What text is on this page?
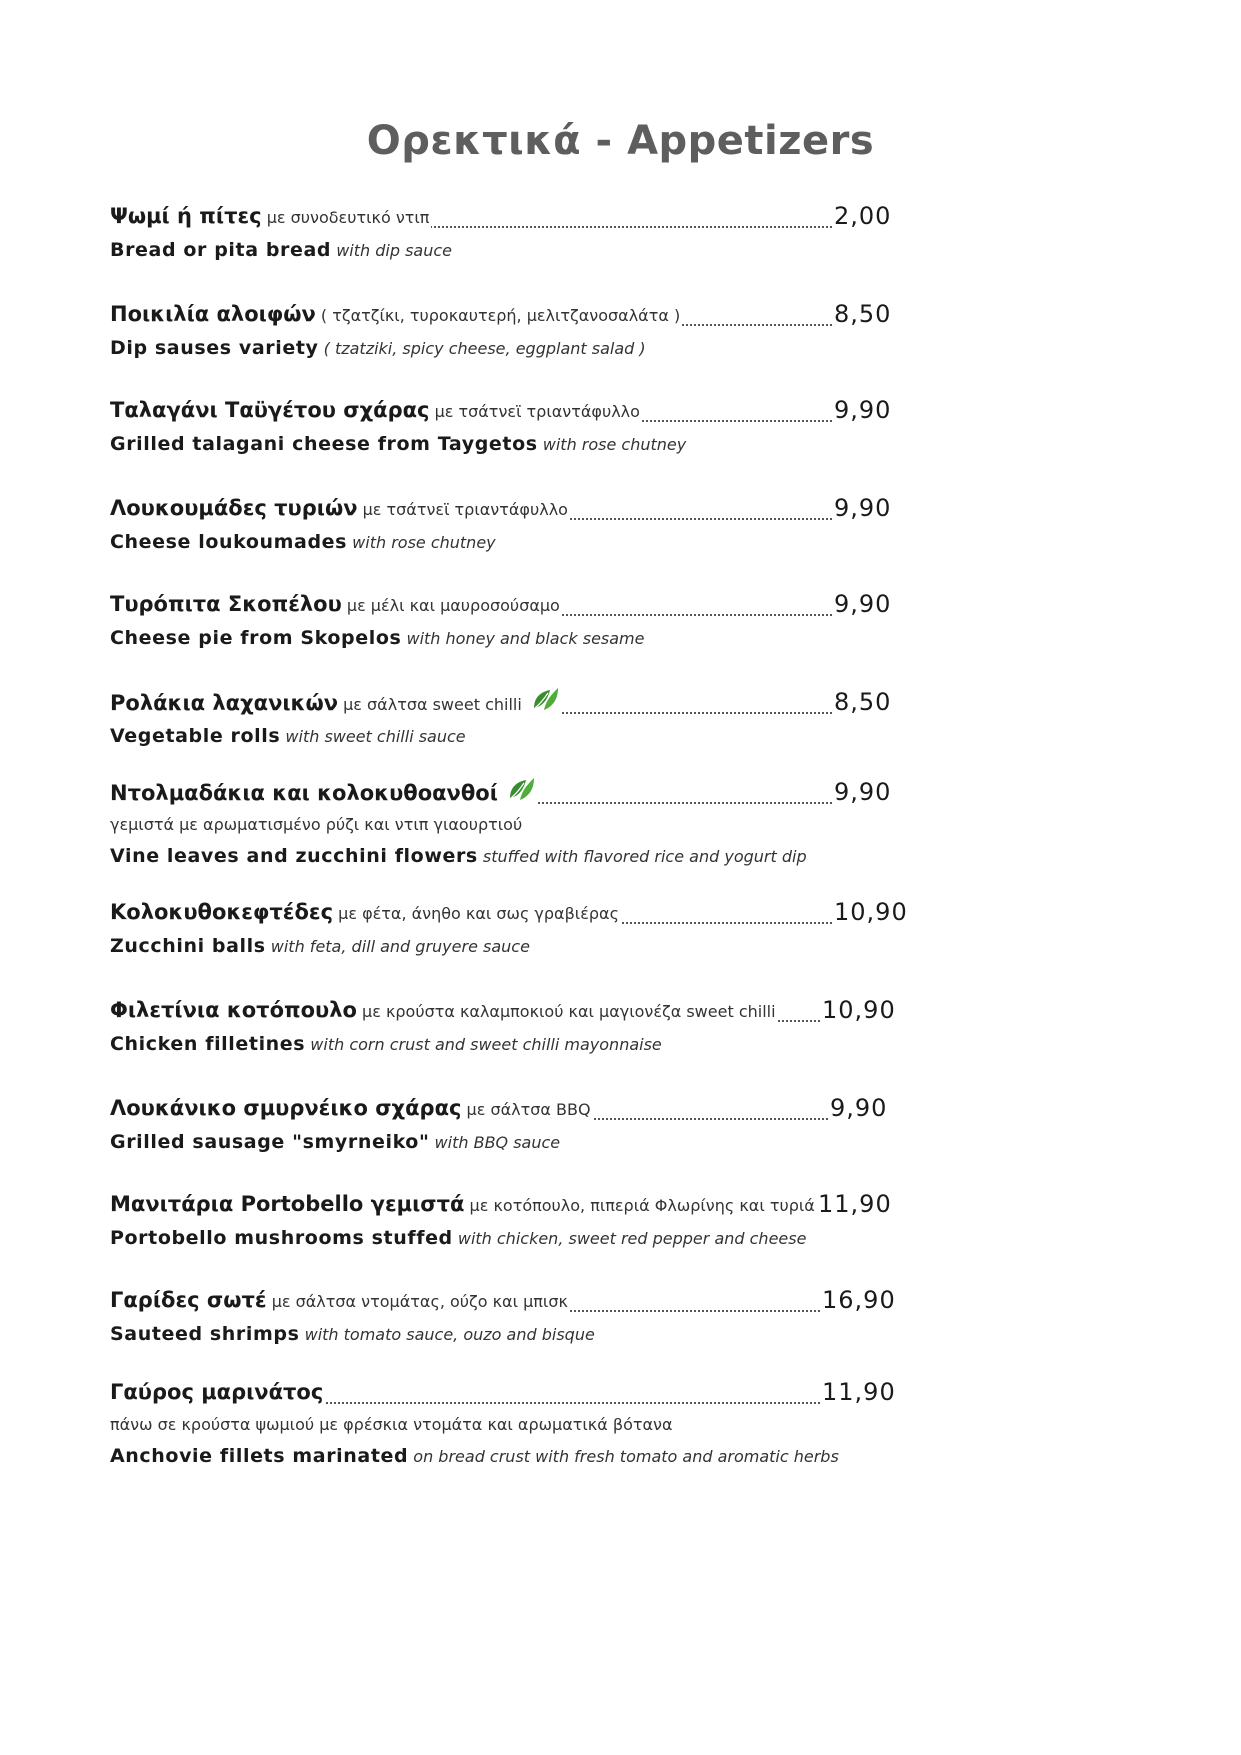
Ορεκτικά - Appetizers
Ψωμί ή πίτες με συνοδευτικό ντιπ	2,00
Bread or pita bread with dip sauce
Ποικιλία αλοιφών ( τζατζίκι, τυροκαυτερή, μελιτζανοσαλάτα )	8,50
Dip sauses variety ( tzatziki, spicy cheese, eggplant salad )
Ταλαγάνι Ταϋγέτου σχάρας με τσάτνεϊ τριαντάφυλλο	9,90
Grilled talagani cheese from Taygetos with rose chutney
Λουκουμάδες τυριών με τσάτνεϊ τριαντάφυλλο	9,90
Cheese loukoumades with rose chutney
Τυρόπιτα Σκοπέλου με μέλι και μαυροσούσαμο	9,90
Cheese pie from Skopelos with honey and black sesame
Ρολάκια λαχανικών με σάλτσα sweet chilli	8,50
Vegetable rolls with sweet chilli sauce
Ντολμαδάκια και κολοκυθοανθοί	9,90
γεμιστά με αρωματισμένο ρύζι και ντιπ γιαουρτιού
Vine leaves and zucchini flowers stuffed with flavored rice and yogurt dip
Κολοκυθοκεφτέδες με φέτα, άνηθο και σως γραβιέρας	10,90
Zucchini balls with feta, dill and gruyere sauce
Φιλετίνια κοτόπουλο με κρούστα καλαμποκιού και μαγιονέζα sweet chilli 10,90
Chicken filletines with corn crust and sweet chilli mayonnaise
Λουκάνικο σμυρνέικο σχάρας με σάλτσα BBQ	9,90
Grilled sausage "smyrneiko" with BBQ sauce
Μανιτάρια Portobello γεμιστά με κοτόπουλο, πιπεριά Φλωρίνης και τυριά 11,90
Portobello mushrooms stuffed with chicken, sweet red pepper and cheese
Γαρίδες σωτέ με σάλτσα ντομάτας, ούζο και μπισκ	16,90
Sauteed shrimps with tomato sauce, ouzo and bisque
Γαύρος μαρινάτος	11,90
πάνω σε κρούστα ψωμιού με φρέσκια ντομάτα και αρωματικά βότανα
Anchovie fillets marinated on bread crust with fresh tomato and aromatic herbs
